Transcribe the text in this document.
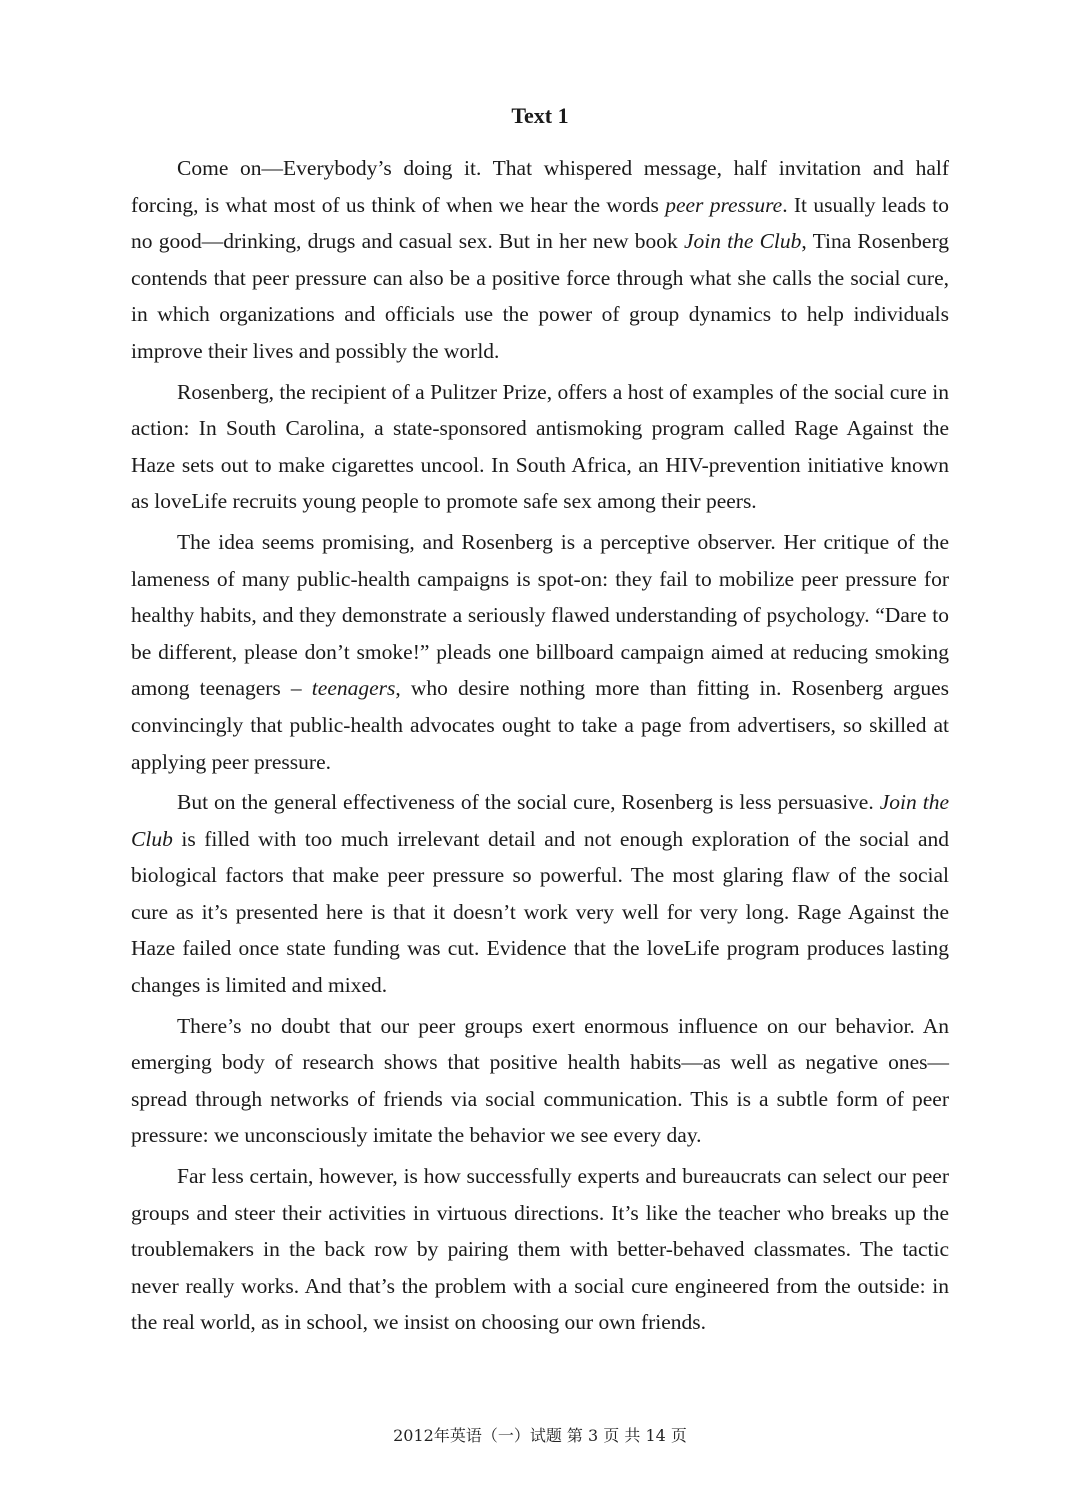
Text 1

Come on—Everybody’s doing it. That whispered message, half invitation and half forcing, is what most of us think of when we hear the words peer pressure. It usually leads to no good—drinking, drugs and casual sex. But in her new book Join the Club, Tina Rosenberg contends that peer pressure can also be a positive force through what she calls the social cure, in which organizations and officials use the power of group dynamics to help individuals improve their lives and possibly the world.

Rosenberg, the recipient of a Pulitzer Prize, offers a host of examples of the social cure in action: In South Carolina, a state-sponsored antismoking program called Rage Against the Haze sets out to make cigarettes uncool. In South Africa, an HIV-prevention initiative known as loveLife recruits young people to promote safe sex among their peers.

The idea seems promising, and Rosenberg is a perceptive observer. Her critique of the lameness of many public-health campaigns is spot-on: they fail to mobilize peer pressure for healthy habits, and they demonstrate a seriously flawed understanding of psychology. “Dare to be different, please don’t smoke!” pleads one billboard campaign aimed at reducing smoking among teenagers – teenagers, who desire nothing more than fitting in. Rosenberg argues convincingly that public-health advocates ought to take a page from advertisers, so skilled at applying peer pressure.

But on the general effectiveness of the social cure, Rosenberg is less persuasive. Join the Club is filled with too much irrelevant detail and not enough exploration of the social and biological factors that make peer pressure so powerful. The most glaring flaw of the social cure as it’s presented here is that it doesn’t work very well for very long. Rage Against the Haze failed once state funding was cut. Evidence that the loveLife program produces lasting changes is limited and mixed.

There’s no doubt that our peer groups exert enormous influence on our behavior. An emerging body of research shows that positive health habits—as well as negative ones—spread through networks of friends via social communication. This is a subtle form of peer pressure: we unconsciously imitate the behavior we see every day.

Far less certain, however, is how successfully experts and bureaucrats can select our peer groups and steer their activities in virtuous directions. It’s like the teacher who breaks up the troublemakers in the back row by pairing them with better-behaved classmates. The tactic never really works. And that’s the problem with a social cure engineered from the outside: in the real world, as in school, we insist on choosing our own friends.

2012年英语（一）试题 第 3 页 共 14 页
